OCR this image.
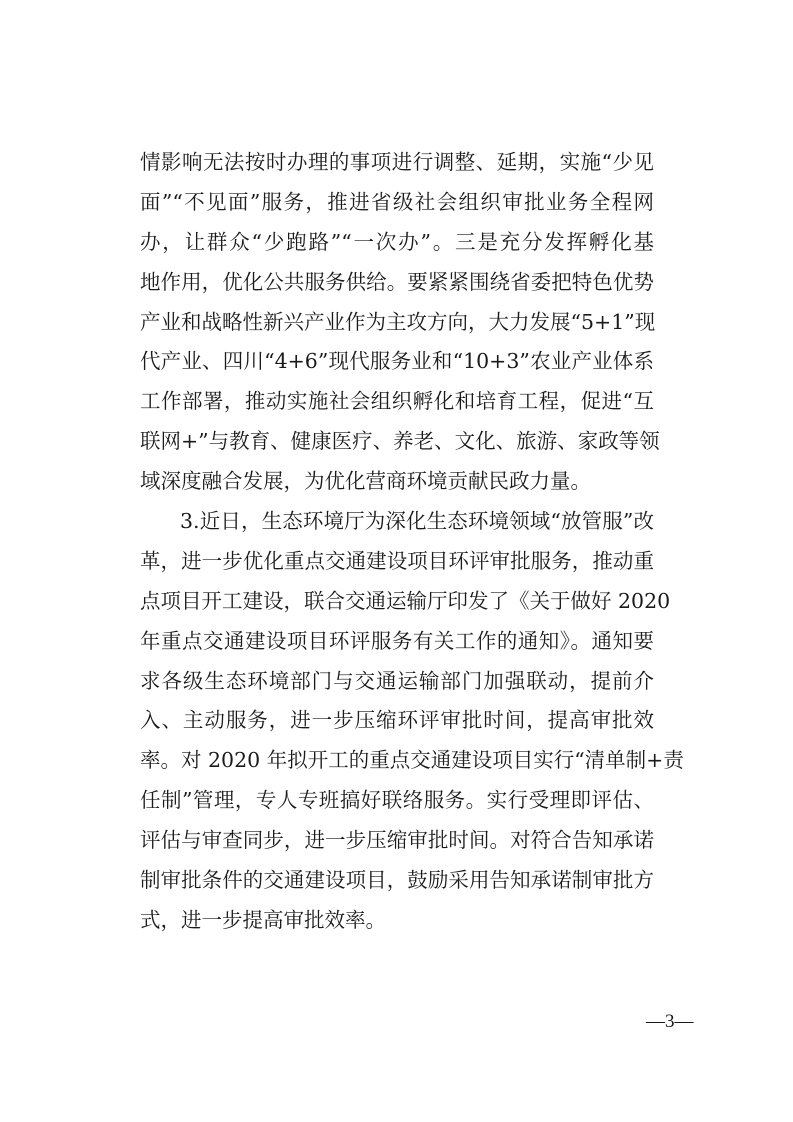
情影响无法按时办理的事项进行调整、延期，实施“少见
面”“不见面”服务，推进省级社会组织审批业务全程网
办，让群众“少跑路”“一次办”。三是充分发挥孵化基
地作用，优化公共服务供给。要紧紧围绕省委把特色优势
产业和战略性新兴产业作为主攻方向，大力发展“5+1”现
代产业、四川“4+6”现代服务业和“10+3”农业产业体系
工作部署，推动实施社会组织孵化和培育工程，促进“互
联网+”与教育、健康医疗、养老、文化、旅游、家政等领
域深度融合发展，为优化营商环境贡献民政力量。
3.近日，生态环境厅为深化生态环境领域“放管服”改
革，进一步优化重点交通建设项目环评审批服务，推动重
点项目开工建设，联合交通运输厅印发了《关于做好 2020
年重点交通建设项目环评服务有关工作的通知》。通知要
求各级生态环境部门与交通运输部门加强联动，提前介
入、主动服务，进一步压缩环评审批时间，提高审批效
率。对 2020 年拟开工的重点交通建设项目实行“清单制+责
任制”管理，专人专班搞好联络服务。实行受理即评估、
评估与审查同步，进一步压缩审批时间。对符合告知承诺
制审批条件的交通建设项目，鼓励采用告知承诺制审批方
式，进一步提高审批效率。
—3—
